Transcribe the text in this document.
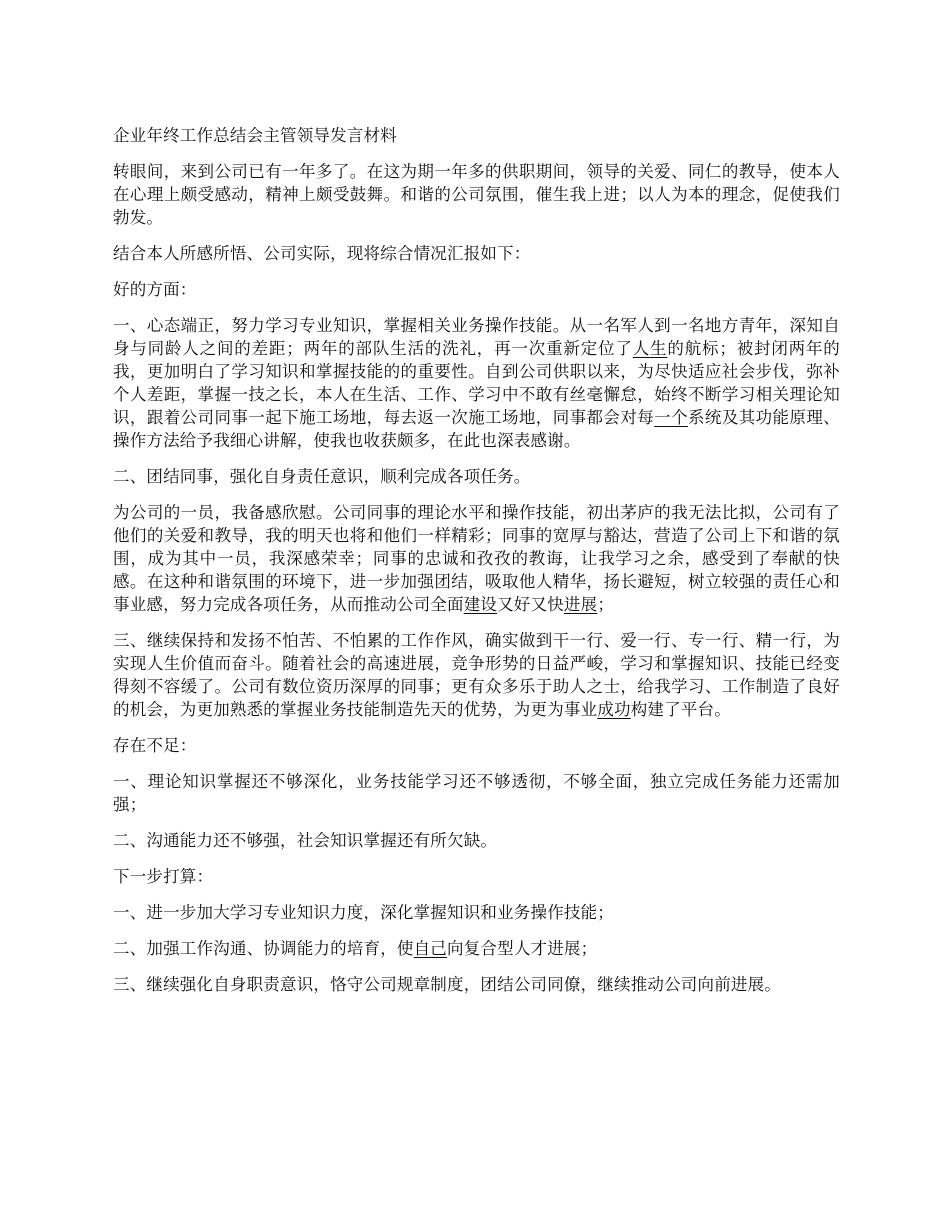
企业年终工作总结会主管领导发言材料

转眼间，来到公司已有一年多了。在这为期一年多的供职期间，领导的关爱、同仁的教导，使本人在心理上颇受感动，精神上颇受鼓舞。和谐的公司氛围，催生我上进；以人为本的理念，促使我们勃发。

结合本人所感所悟、公司实际，现将综合情况汇报如下：

好的方面：

一、心态端正，努力学习专业知识，掌握相关业务操作技能。从一名军人到一名地方青年，深知自身与同龄人之间的差距；两年的部队生活的洗礼，再一次重新定位了人生的航标；被封闭两年的我，更加明白了学习知识和掌握技能的的重要性。自到公司供职以来，为尽快适应社会步伐，弥补个人差距，掌握一技之长，本人在生活、工作、学习中不敢有丝毫懈怠，始终不断学习相关理论知识，跟着公司同事一起下施工场地，每去返一次施工场地，同事都会对每一个系统及其功能原理、操作方法给予我细心讲解，使我也收获颇多，在此也深表感谢。

二、团结同事，强化自身责任意识，顺利完成各项任务。

为公司的一员，我备感欣慰。公司同事的理论水平和操作技能，初出茅庐的我无法比拟，公司有了他们的关爱和教导，我的明天也将和他们一样精彩；同事的宽厚与豁达，营造了公司上下和谐的氛围，成为其中一员，我深感荣幸；同事的忠诚和孜孜的教诲，让我学习之余，感受到了奉献的快感。在这种和谐氛围的环境下，进一步加强团结，吸取他人精华，扬长避短，树立较强的责任心和事业感，努力完成各项任务，从而推动公司全面建设又好又快进展；

三、继续保持和发扬不怕苦、不怕累的工作作风，确实做到干一行、爱一行、专一行、精一行，为实现人生价值而奋斗。随着社会的高速进展，竞争形势的日益严峻，学习和掌握知识、技能已经变得刻不容缓了。公司有数位资历深厚的同事；更有众多乐于助人之士，给我学习、工作制造了良好的机会，为更加熟悉的掌握业务技能制造先天的优势，为更为事业成功构建了平台。

存在不足：

一、理论知识掌握还不够深化，业务技能学习还不够透彻，不够全面，独立完成任务能力还需加强；

二、沟通能力还不够强，社会知识掌握还有所欠缺。

下一步打算：

一、进一步加大学习专业知识力度，深化掌握知识和业务操作技能；

二、加强工作沟通、协调能力的培育，使自己向复合型人才进展；

三、继续强化自身职责意识，恪守公司规章制度，团结公司同僚，继续推动公司向前进展。
